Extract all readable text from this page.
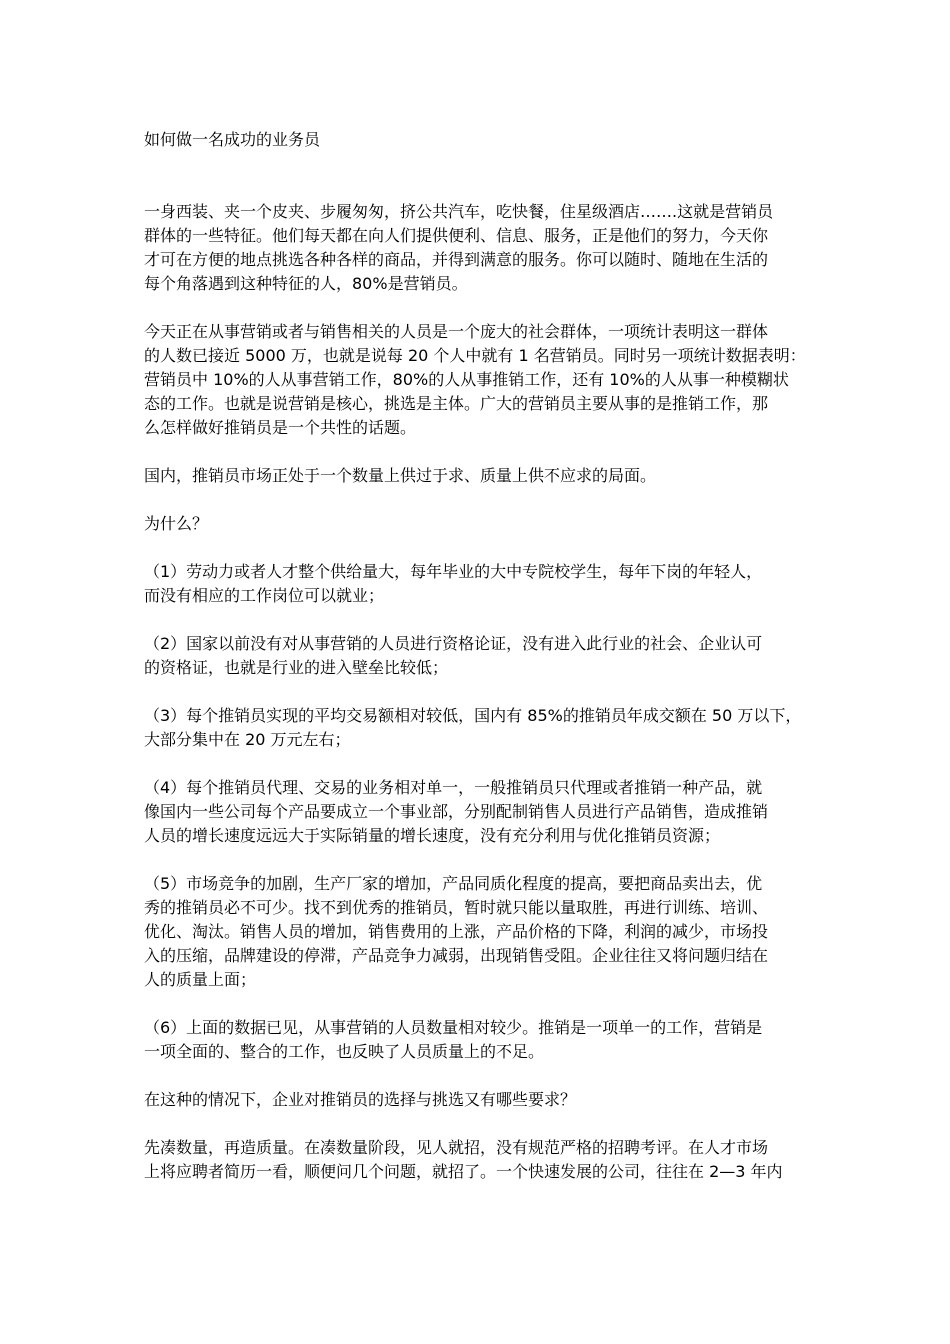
如何做一名成功的业务员
一身西装、夹一个皮夹、步履匆匆，挤公共汽车，吃快餐，住星级酒店…….这就是营销员
群体的一些特征。他们每天都在向人们提供便利、信息、服务，正是他们的努力，今天你
才可在方便的地点挑选各种各样的商品，并得到满意的服务。你可以随时、随地在生活的
每个角落遇到这种特征的人，80%是营销员。
今天正在从事营销或者与销售相关的人员是一个庞大的社会群体，一项统计表明这一群体
的人数已接近 5000 万，也就是说每 20 个人中就有 1 名营销员。同时另一项统计数据表明：
营销员中 10%的人从事营销工作，80%的人从事推销工作，还有 10%的人从事一种模糊状
态的工作。也就是说营销是核心，挑选是主体。广大的营销员主要从事的是推销工作，那
么怎样做好推销员是一个共性的话题。
国内，推销员市场正处于一个数量上供过于求、质量上供不应求的局面。
为什么？
（1）劳动力或者人才整个供给量大，每年毕业的大中专院校学生，每年下岗的年轻人，
而没有相应的工作岗位可以就业；
（2）国家以前没有对从事营销的人员进行资格论证，没有进入此行业的社会、企业认可
的资格证，也就是行业的进入壁垒比较低；
（3）每个推销员实现的平均交易额相对较低，国内有 85%的推销员年成交额在 50 万以下，
大部分集中在 20 万元左右；
（4）每个推销员代理、交易的业务相对单一，一般推销员只代理或者推销一种产品，就
像国内一些公司每个产品要成立一个事业部，分别配制销售人员进行产品销售，造成推销
人员的增长速度远远大于实际销量的增长速度，没有充分利用与优化推销员资源；
（5）市场竞争的加剧，生产厂家的增加，产品同质化程度的提高，要把商品卖出去，优
秀的推销员必不可少。找不到优秀的推销员，暂时就只能以量取胜，再进行训练、培训、
优化、淘汰。销售人员的增加，销售费用的上涨，产品价格的下降，利润的减少，市场投
入的压缩，品牌建设的停滞，产品竞争力减弱，出现销售受阻。企业往往又将问题归结在
人的质量上面；
（6）上面的数据已见，从事营销的人员数量相对较少。推销是一项单一的工作，营销是
一项全面的、整合的工作，也反映了人员质量上的不足。
在这种的情况下，企业对推销员的选择与挑选又有哪些要求？
先凑数量，再造质量。在凑数量阶段，见人就招，没有规范严格的招聘考评。在人才市场
上将应聘者简历一看，顺便问几个问题，就招了。一个快速发展的公司，往往在 2—3 年内
